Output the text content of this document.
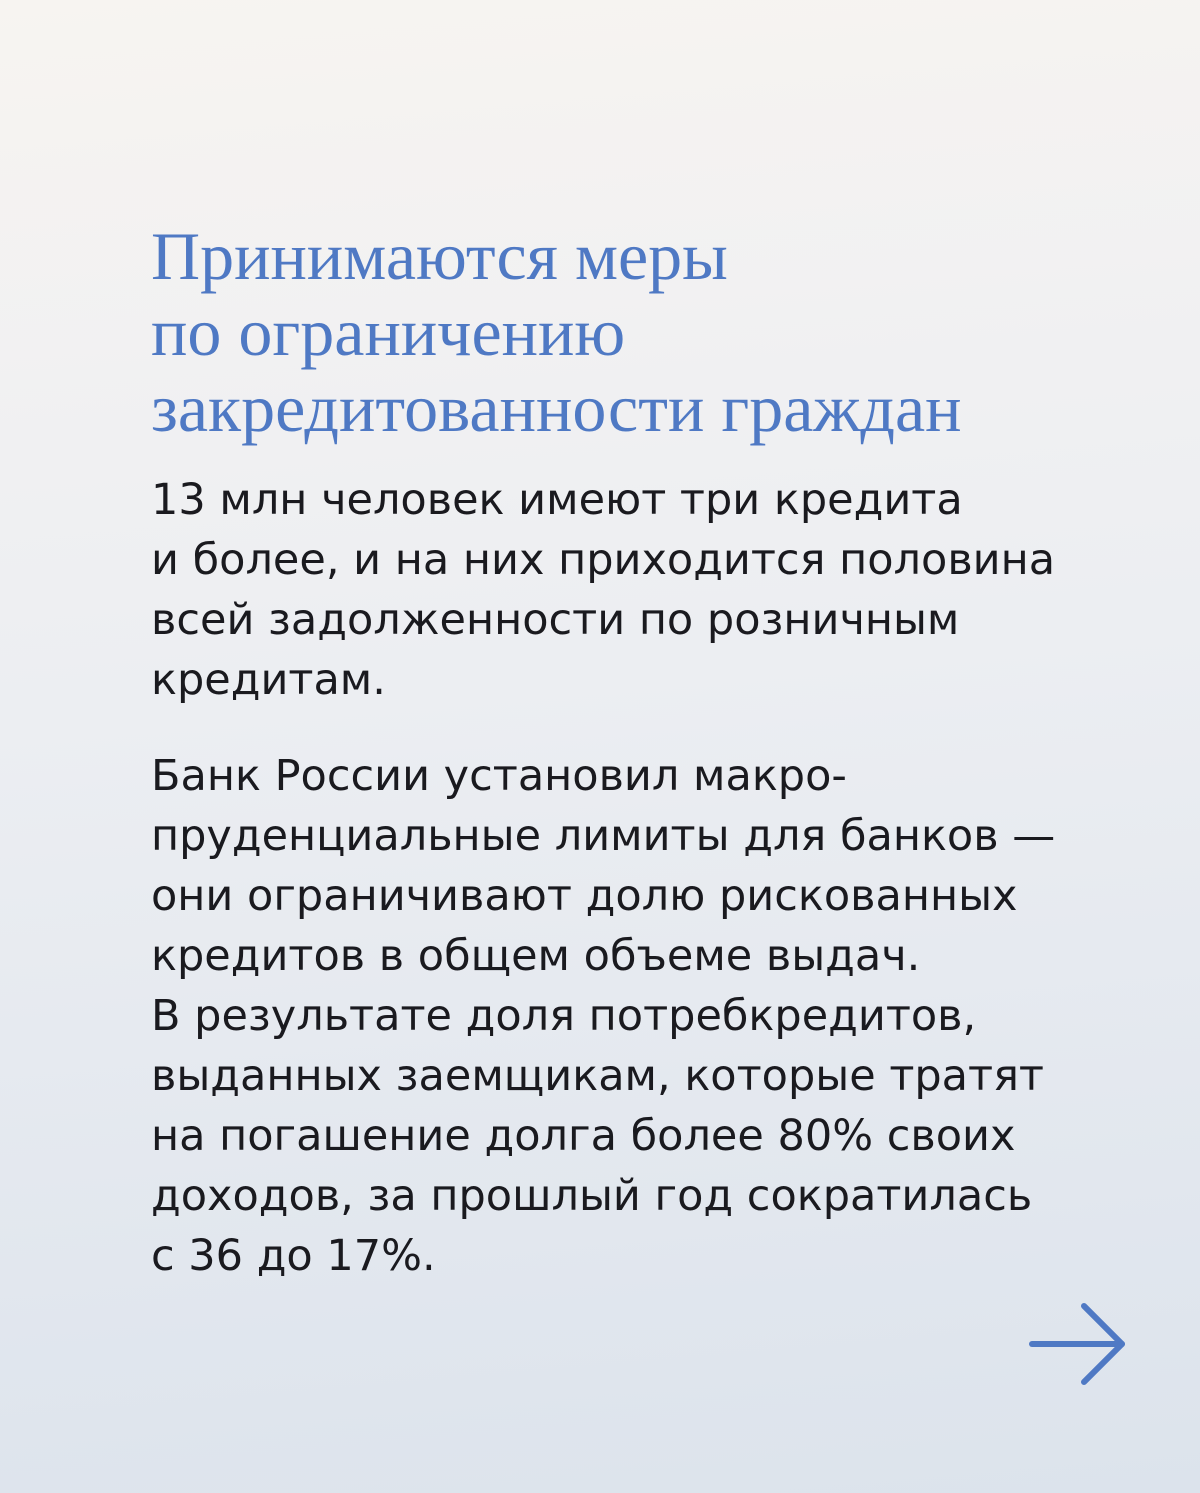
Принимаются меры
по ограничению
закредитованности граждан

13 млн человек имеют три кредита
и более, и на них приходится половина
всей задолженности по розничным
кредитам.

Банк России установил макро-
пруденциальные лимиты для банков —
они ограничивают долю рискованных
кредитов в общем объеме выдач.
В результате доля потребкредитов,
выданных заемщикам, которые тратят
на погашение долга более 80% своих
доходов, за прошлый год сократилась
с 36 до 17%.
